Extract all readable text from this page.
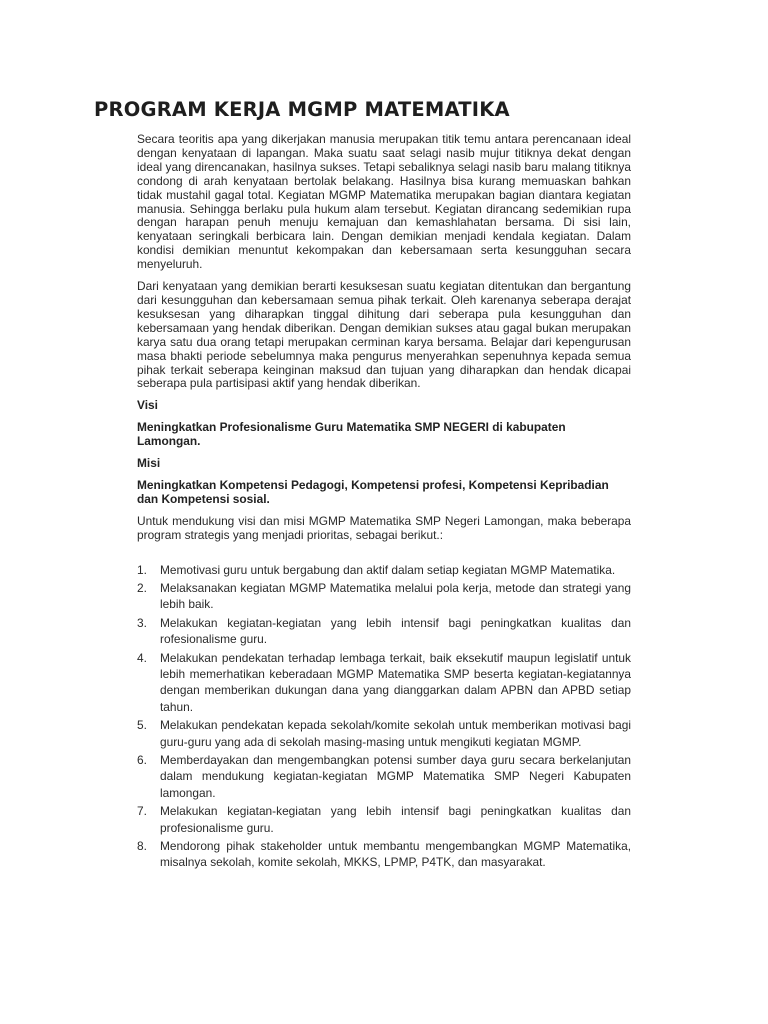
PROGRAM KERJA MGMP MATEMATIKA

Secara teoritis apa yang dikerjakan manusia merupakan titik temu antara perencanaan ideal dengan kenyataan di lapangan. Maka suatu saat selagi nasib mujur titiknya dekat dengan ideal yang direncanakan, hasilnya sukses. Tetapi sebaliknya selagi nasib baru malang titiknya condong di arah kenyataan bertolak belakang. Hasilnya bisa kurang memuaskan bahkan tidak mustahil gagal total. Kegiatan MGMP Matematika merupakan bagian diantara kegiatan manusia. Sehingga berlaku pula hukum alam tersebut. Kegiatan dirancang sedemikian rupa dengan harapan penuh menuju kemajuan dan kemashlahatan bersama. Di sisi lain, kenyataan seringkali berbicara lain. Dengan demikian menjadi kendala kegiatan. Dalam kondisi demikian menuntut kekompakan dan kebersamaan serta kesungguhan secara menyeluruh.

Dari kenyataan yang demikian berarti kesuksesan suatu kegiatan ditentukan dan bergantung dari kesungguhan dan kebersamaan semua pihak terkait. Oleh karenanya seberapa derajat kesuksesan yang diharapkan tinggal dihitung dari seberapa pula kesungguhan dan kebersamaan yang hendak diberikan. Dengan demikian sukses atau gagal bukan merupakan karya satu dua orang tetapi merupakan cerminan karya bersama. Belajar dari kepengurusan masa bhakti periode sebelumnya maka pengurus menyerahkan sepenuhnya kepada semua pihak terkait seberapa keinginan maksud dan tujuan yang diharapkan dan hendak dicapai seberapa pula partisipasi aktif yang hendak diberikan.

Visi

Meningkatkan Profesionalisme Guru Matematika SMP NEGERI di kabupaten Lamongan.

Misi

Meningkatkan Kompetensi Pedagogi, Kompetensi profesi, Kompetensi Kepribadian dan Kompetensi sosial.

Untuk mendukung visi dan misi MGMP Matematika SMP Negeri Lamongan, maka beberapa program strategis yang menjadi prioritas, sebagai berikut.:

1. Memotivasi guru untuk bergabung dan aktif dalam setiap kegiatan MGMP Matematika.
2. Melaksanakan kegiatan MGMP Matematika melalui pola kerja, metode dan strategi yang lebih baik.
3. Melakukan kegiatan-kegiatan yang lebih intensif bagi peningkatkan kualitas dan rofesionalisme guru.
4. Melakukan pendekatan terhadap lembaga terkait, baik eksekutif maupun legislatif untuk lebih memerhatikan keberadaan MGMP Matematika SMP beserta kegiatan-kegiatannya dengan memberikan dukungan dana yang dianggarkan dalam APBN dan APBD setiap tahun.
5. Melakukan pendekatan kepada sekolah/komite sekolah untuk memberikan motivasi bagi guru-guru yang ada di sekolah masing-masing untuk mengikuti kegiatan MGMP.
6. Memberdayakan dan mengembangkan potensi sumber daya guru secara berkelanjutan dalam mendukung kegiatan-kegiatan MGMP Matematika SMP Negeri Kabupaten lamongan.
7. Melakukan kegiatan-kegiatan yang lebih intensif bagi peningkatkan kualitas dan profesionalisme guru.
8. Mendorong pihak stakeholder untuk membantu mengembangkan MGMP Matematika, misalnya sekolah, komite sekolah, MKKS, LPMP, P4TK, dan masyarakat.
